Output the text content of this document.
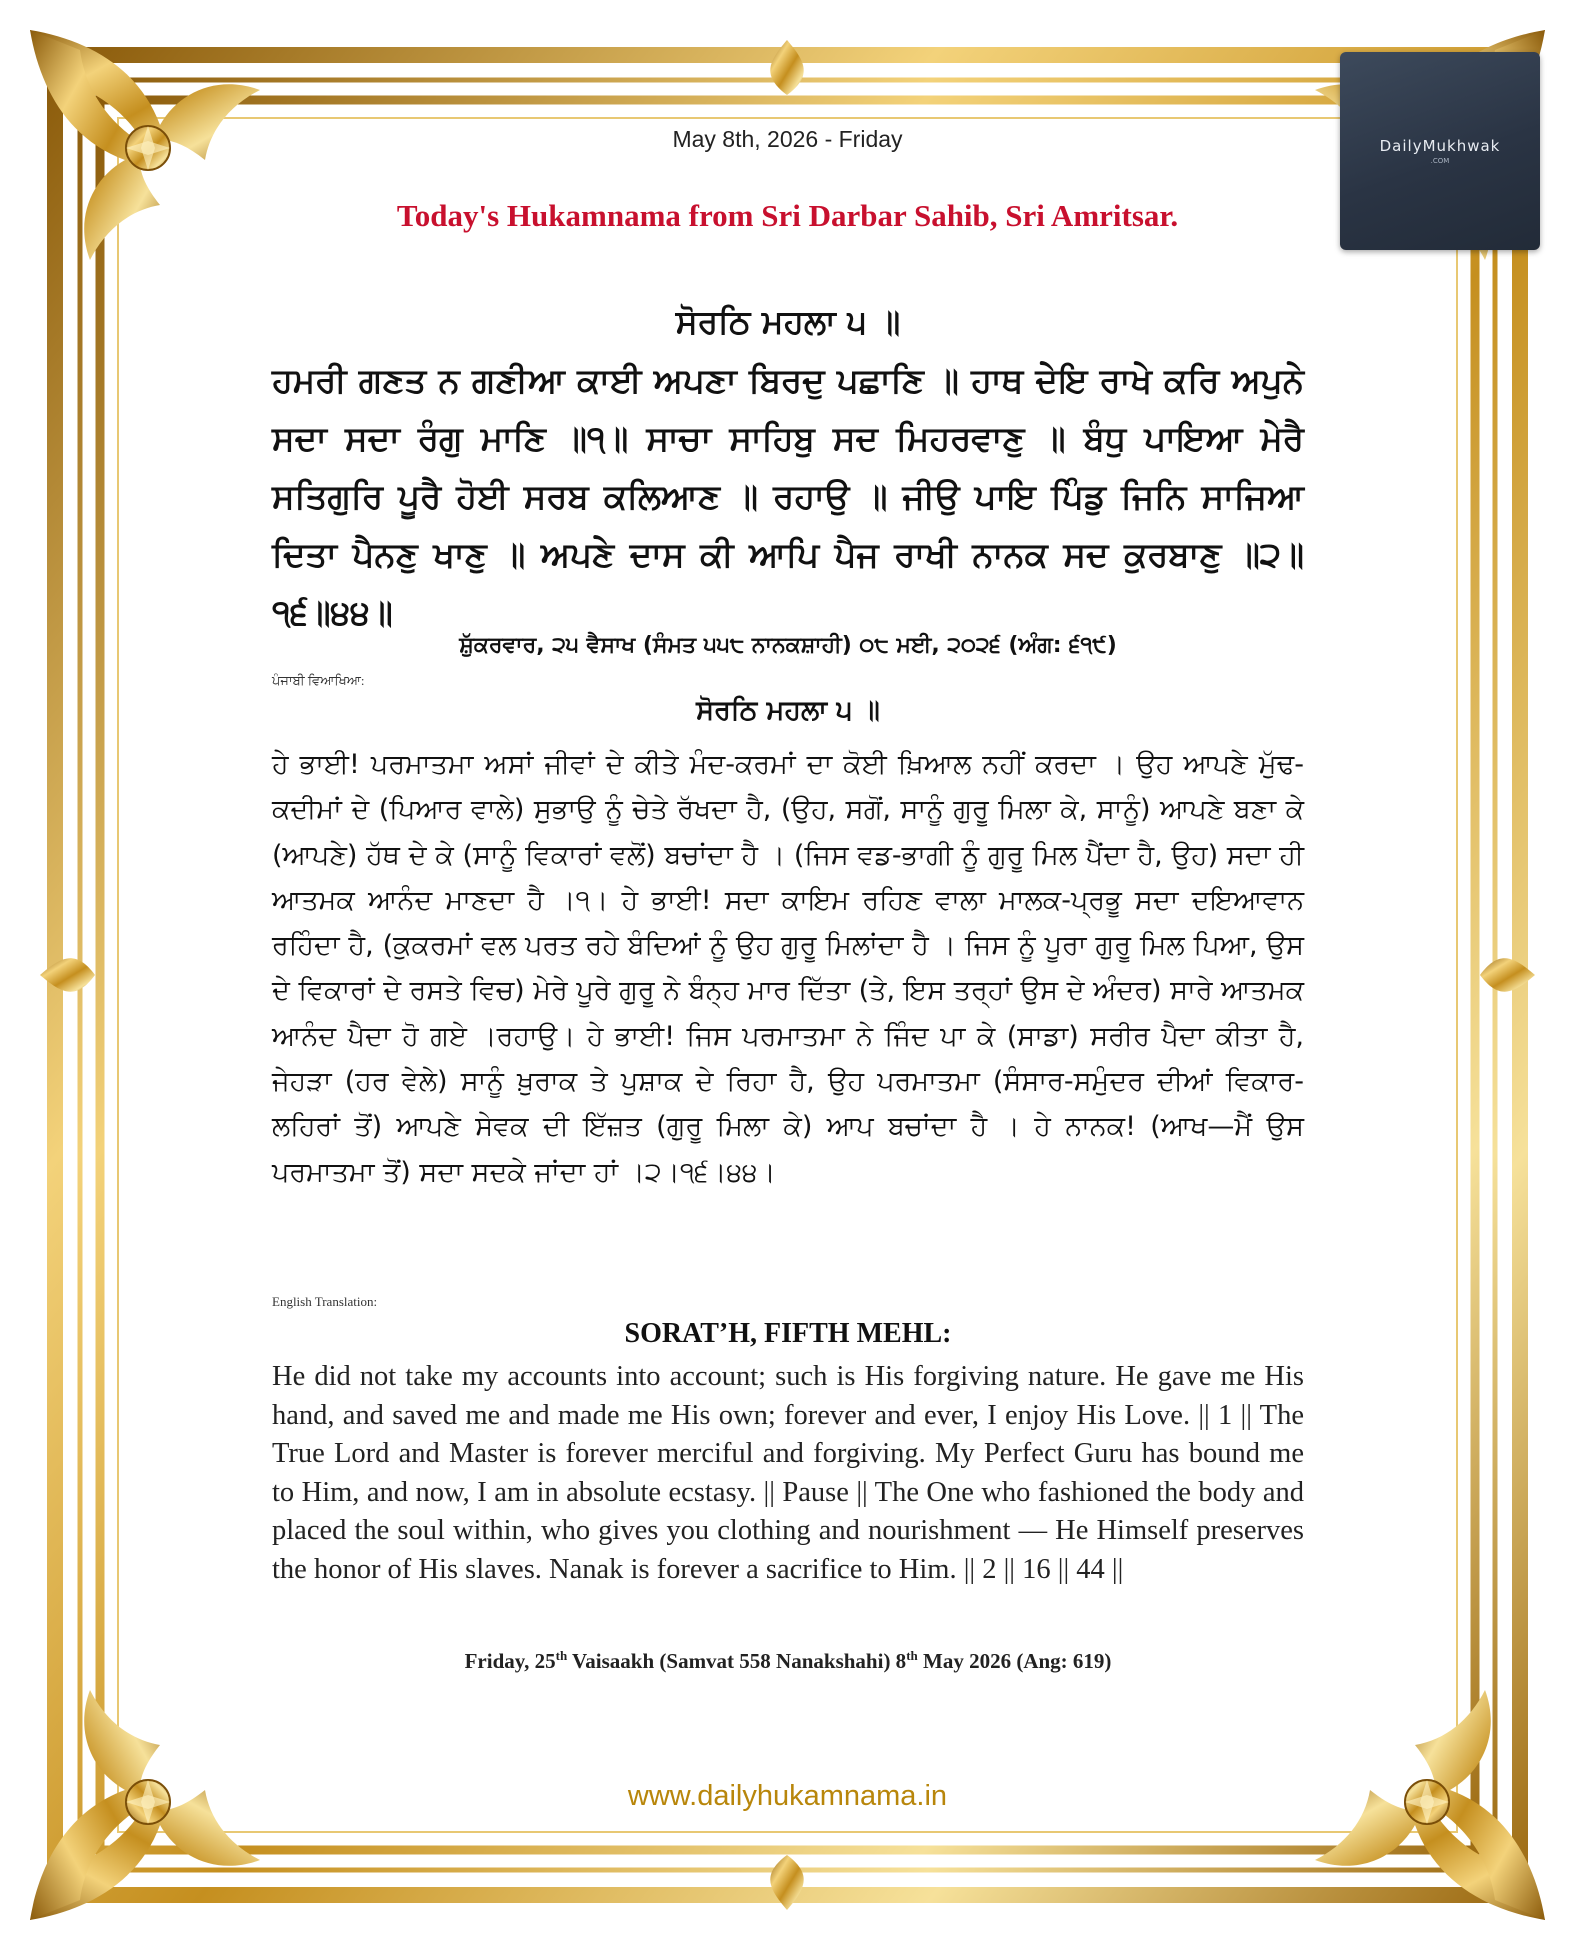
DailyMukhwak
.COM
May 8th, 2026 - Friday
Today's Hukamnama from Sri Darbar Sahib, Sri Amritsar.
ਸੋਰਠਿ ਮਹਲਾ ੫ ॥
ਹਮਰੀ ਗਣਤ ਨ ਗਣੀਆ ਕਾਈ ਅਪਣਾ ਬਿਰਦੁ ਪਛਾਣਿ ॥ ਹਾਥ ਦੇਇ ਰਾਖੇ ਕਰਿ ਅਪੁਨੇ ਸਦਾ ਸਦਾ ਰੰਗੁ ਮਾਣਿ ॥੧॥ ਸਾਚਾ ਸਾਹਿਬੁ ਸਦ ਮਿਹਰਵਾਣੁ ॥ ਬੰਧੁ ਪਾਇਆ ਮੇਰੈ ਸਤਿਗੁਰਿ ਪੂਰੈ ਹੋਈ ਸਰਬ ਕਲਿਆਣ ॥ ਰਹਾਉ ॥ ਜੀਉ ਪਾਇ ਪਿੰਡੁ ਜਿਨਿ ਸਾਜਿਆ ਦਿਤਾ ਪੈਨਣੁ ਖਾਣੁ ॥ ਅਪਣੇ ਦਾਸ ਕੀ ਆਪਿ ਪੈਜ ਰਾਖੀ ਨਾਨਕ ਸਦ ਕੁਰਬਾਣੁ ॥੨॥੧੬॥੪੪॥
ਸ਼ੁੱਕਰਵਾਰ, ੨੫ ਵੈਸਾਖ (ਸੰਮਤ ੫੫੮ ਨਾਨਕਸ਼ਾਹੀ) ੦੮ ਮਈ, ੨੦੨੬ (ਅੰਗ: ੬੧੯)
ਪੰਜਾਬੀ ਵਿਆਖਿਆ:
ਸੋਰਠਿ ਮਹਲਾ ੫ ॥
ਹੇ ਭਾਈ! ਪਰਮਾਤਮਾ ਅਸਾਂ ਜੀਵਾਂ ਦੇ ਕੀਤੇ ਮੰਦ-ਕਰਮਾਂ ਦਾ ਕੋਈ ਖ਼ਿਆਲ ਨਹੀਂ ਕਰਦਾ । ਉਹ ਆਪਣੇ ਮੁੱਢ-ਕਦੀਮਾਂ ਦੇ (ਪਿਆਰ ਵਾਲੇ) ਸੁਭਾਉ ਨੂੰ ਚੇਤੇ ਰੱਖਦਾ ਹੈ, (ਉਹ, ਸਗੋਂ, ਸਾਨੂੰ ਗੁਰੂ ਮਿਲਾ ਕੇ, ਸਾਨੂੰ) ਆਪਣੇ ਬਣਾ ਕੇ (ਆਪਣੇ) ਹੱਥ ਦੇ ਕੇ (ਸਾਨੂੰ ਵਿਕਾਰਾਂ ਵਲੋਂ) ਬਚਾਂਦਾ ਹੈ । (ਜਿਸ ਵਡ-ਭਾਗੀ ਨੂੰ ਗੁਰੂ ਮਿਲ ਪੈਂਦਾ ਹੈ, ਉਹ) ਸਦਾ ਹੀ ਆਤਮਕ ਆਨੰਦ ਮਾਣਦਾ ਹੈ ।੧। ਹੇ ਭਾਈ! ਸਦਾ ਕਾਇਮ ਰਹਿਣ ਵਾਲਾ ਮਾਲਕ-ਪ੍ਰਭੂ ਸਦਾ ਦਇਆਵਾਨ ਰਹਿੰਦਾ ਹੈ, (ਕੁਕਰਮਾਂ ਵਲ ਪਰਤ ਰਹੇ ਬੰਦਿਆਂ ਨੂੰ ਉਹ ਗੁਰੂ ਮਿਲਾਂਦਾ ਹੈ । ਜਿਸ ਨੂੰ ਪੂਰਾ ਗੁਰੂ ਮਿਲ ਪਿਆ, ਉਸ ਦੇ ਵਿਕਾਰਾਂ ਦੇ ਰਸਤੇ ਵਿਚ) ਮੇਰੇ ਪੂਰੇ ਗੁਰੂ ਨੇ ਬੰਨ੍ਹ ਮਾਰ ਦਿੱਤਾ (ਤੇ, ਇਸ ਤਰ੍ਹਾਂ ਉਸ ਦੇ ਅੰਦਰ) ਸਾਰੇ ਆਤਮਕ ਆਨੰਦ ਪੈਦਾ ਹੋ ਗਏ ।ਰਹਾਉ। ਹੇ ਭਾਈ! ਜਿਸ ਪਰਮਾਤਮਾ ਨੇ ਜਿੰਦ ਪਾ ਕੇ (ਸਾਡਾ) ਸਰੀਰ ਪੈਦਾ ਕੀਤਾ ਹੈ, ਜੇਹੜਾ (ਹਰ ਵੇਲੇ) ਸਾਨੂੰ ਖ਼ੁਰਾਕ ਤੇ ਪੁਸ਼ਾਕ ਦੇ ਰਿਹਾ ਹੈ, ਉਹ ਪਰਮਾਤਮਾ (ਸੰਸਾਰ-ਸਮੁੰਦਰ ਦੀਆਂ ਵਿਕਾਰ-ਲਹਿਰਾਂ ਤੋਂ) ਆਪਣੇ ਸੇਵਕ ਦੀ ਇੱਜ਼ਤ (ਗੁਰੂ ਮਿਲਾ ਕੇ) ਆਪ ਬਚਾਂਦਾ ਹੈ । ਹੇ ਨਾਨਕ! (ਆਖ—ਮੈਂ ਉਸ ਪਰਮਾਤਮਾ ਤੋਂ) ਸਦਾ ਸਦਕੇ ਜਾਂਦਾ ਹਾਂ ।੨।੧੬।੪੪।
English Translation:
SORAT’H, FIFTH MEHL:
He did not take my accounts into account; such is His forgiving nature. He gave me His hand, and saved me and made me His own; forever and ever, I enjoy His Love. || 1 || The True Lord and Master is forever merciful and forgiving. My Perfect Guru has bound me to Him, and now, I am in absolute ecstasy. || Pause || The One who fashioned the body and placed the soul within, who gives you clothing and nourishment — He Himself preserves the honor of His slaves. Nanak is forever a sacrifice to Him. || 2 || 16 || 44 ||
Friday, 25th Vaisaakh (Samvat 558 Nanakshahi) 8th May 2026 (Ang: 619)
www.dailyhukamnama.in
